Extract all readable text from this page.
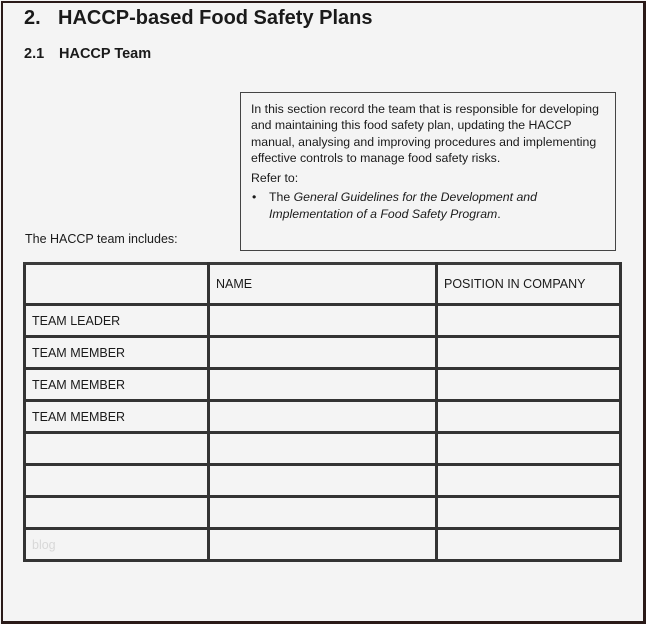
2. HACCP-based Food Safety Plans
2.1 HACCP Team

In this section record the team that is responsible for developing and maintaining this food safety plan, updating the HACCP manual, analysing and improving procedures and implementing effective controls to manage food safety risks.

Refer to:

• The General Guidelines for the Development and Implementation of a Food Safety Program.
The HACCP team includes:
	NAME	POSITION IN COMPANY
TEAM LEADER		
TEAM MEMBER		
TEAM MEMBER		
TEAM MEMBER		

blog		
